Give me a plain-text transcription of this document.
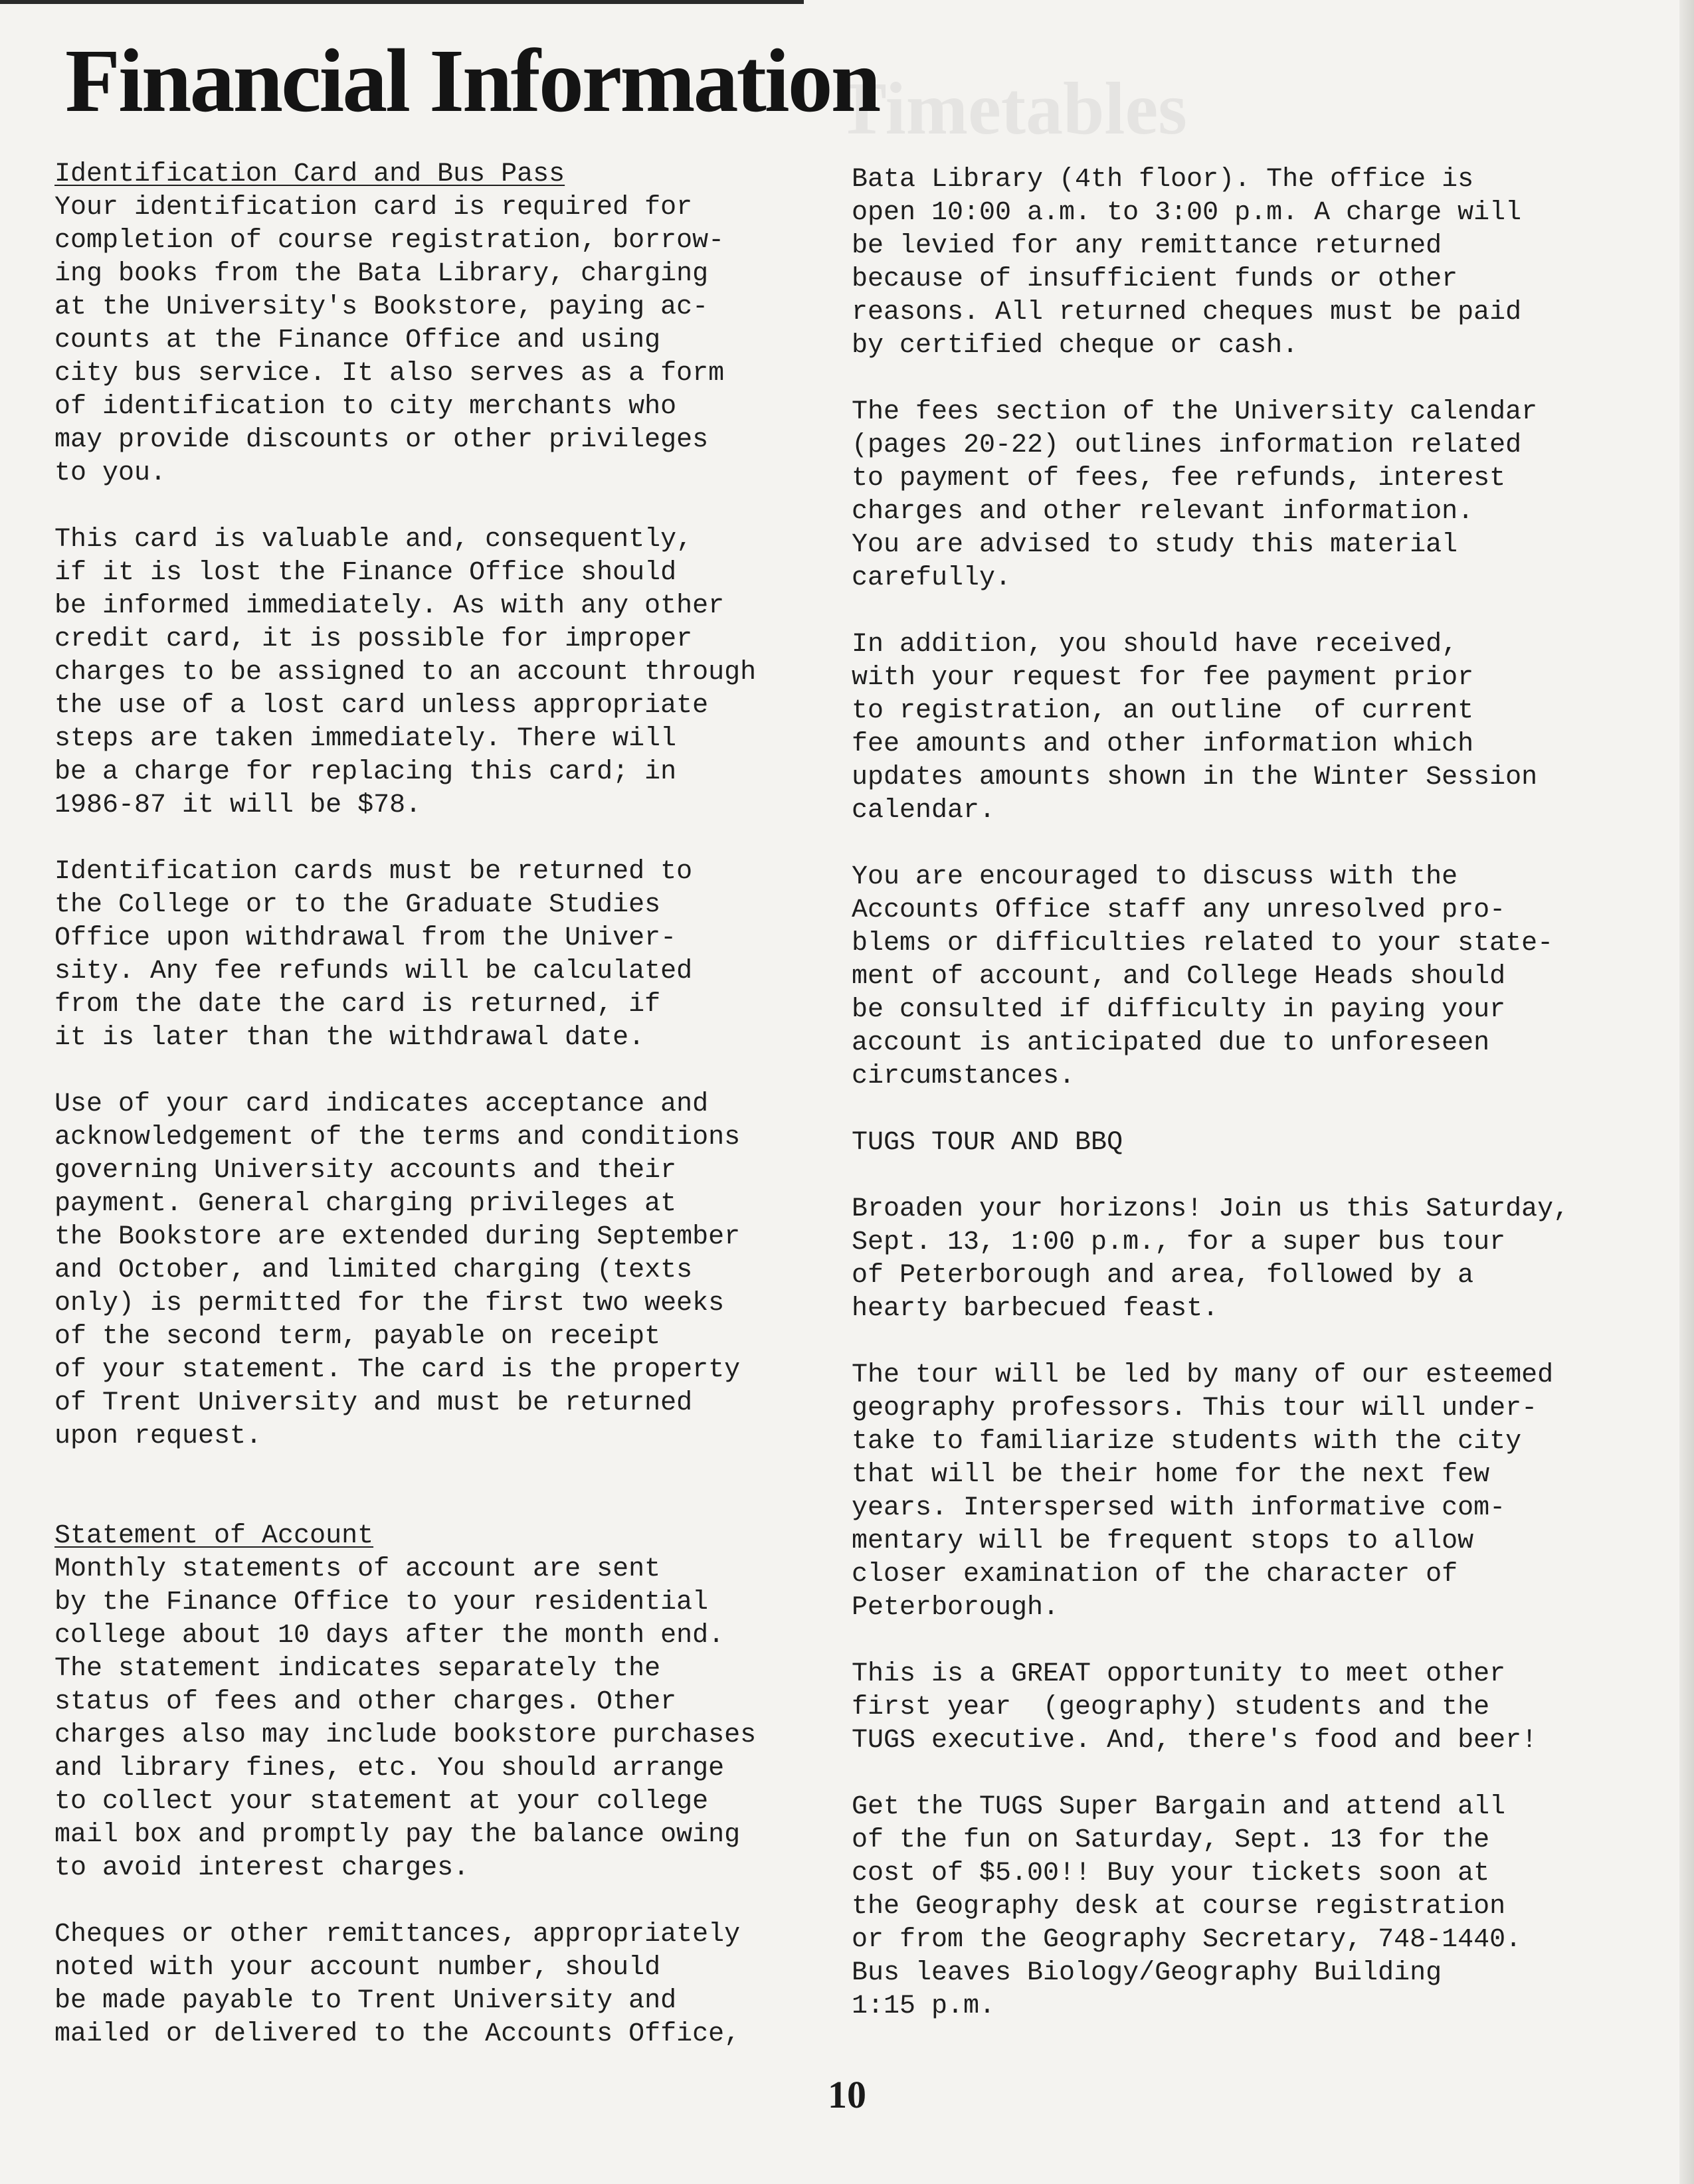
Timetables
Financial Information
Identification Card and Bus Pass
Your identification card is required for
completion of course registration, borrow-
ing books from the Bata Library, charging
at the University's Bookstore, paying ac-
counts at the Finance Office and using
city bus service. It also serves as a form
of identification to city merchants who
may provide discounts or other privileges
to you.
This card is valuable and, consequently,
if it is lost the Finance Office should
be informed immediately. As with any other
credit card, it is possible for improper
charges to be assigned to an account through
the use of a lost card unless appropriate
steps are taken immediately. There will
be a charge for replacing this card; in
1986-87 it will be $78.
Identification cards must be returned to
the College or to the Graduate Studies
Office upon withdrawal from the Univer-
sity. Any fee refunds will be calculated
from the date the card is returned, if
it is later than the withdrawal date.
Use of your card indicates acceptance and
acknowledgement of the terms and conditions
governing University accounts and their
payment. General charging privileges at
the Bookstore are extended during September
and October, and limited charging (texts
only) is permitted for the first two weeks
of the second term, payable on receipt
of your statement. The card is the property
of Trent University and must be returned
upon request.
Statement of Account
Monthly statements of account are sent
by the Finance Office to your residential
college about 10 days after the month end.
The statement indicates separately the
status of fees and other charges. Other
charges also may include bookstore purchases
and library fines, etc. You should arrange
to collect your statement at your college
mail box and promptly pay the balance owing
to avoid interest charges.
Cheques or other remittances, appropriately
noted with your account number, should
be made payable to Trent University and
mailed or delivered to the Accounts Office,
Bata Library (4th floor). The office is
open 10:00 a.m. to 3:00 p.m. A charge will
be levied for any remittance returned
because of insufficient funds or other
reasons. All returned cheques must be paid
by certified cheque or cash.
The fees section of the University calendar
(pages 20-22) outlines information related
to payment of fees, fee refunds, interest
charges and other relevant information.
You are advised to study this material
carefully.
In addition, you should have received,
with your request for fee payment prior
to registration, an outline  of current
fee amounts and other information which
updates amounts shown in the Winter Session
calendar.
You are encouraged to discuss with the
Accounts Office staff any unresolved pro-
blems or difficulties related to your state-
ment of account, and College Heads should
be consulted if difficulty in paying your
account is anticipated due to unforeseen
circumstances.
TUGS TOUR AND BBQ
Broaden your horizons! Join us this Saturday,
Sept. 13, 1:00 p.m., for a super bus tour
of Peterborough and area, followed by a
hearty barbecued feast.
The tour will be led by many of our esteemed
geography professors. This tour will under-
take to familiarize students with the city
that will be their home for the next few
years. Interspersed with informative com-
mentary will be frequent stops to allow
closer examination of the character of
Peterborough.
This is a GREAT opportunity to meet other
first year  (geography) students and the
TUGS executive. And, there's food and beer!
Get the TUGS Super Bargain and attend all
of the fun on Saturday, Sept. 13 for the
cost of $5.00!! Buy your tickets soon at
the Geography desk at course registration
or from the Geography Secretary, 748-1440.
Bus leaves Biology/Geography Building
1:15 p.m.
10
